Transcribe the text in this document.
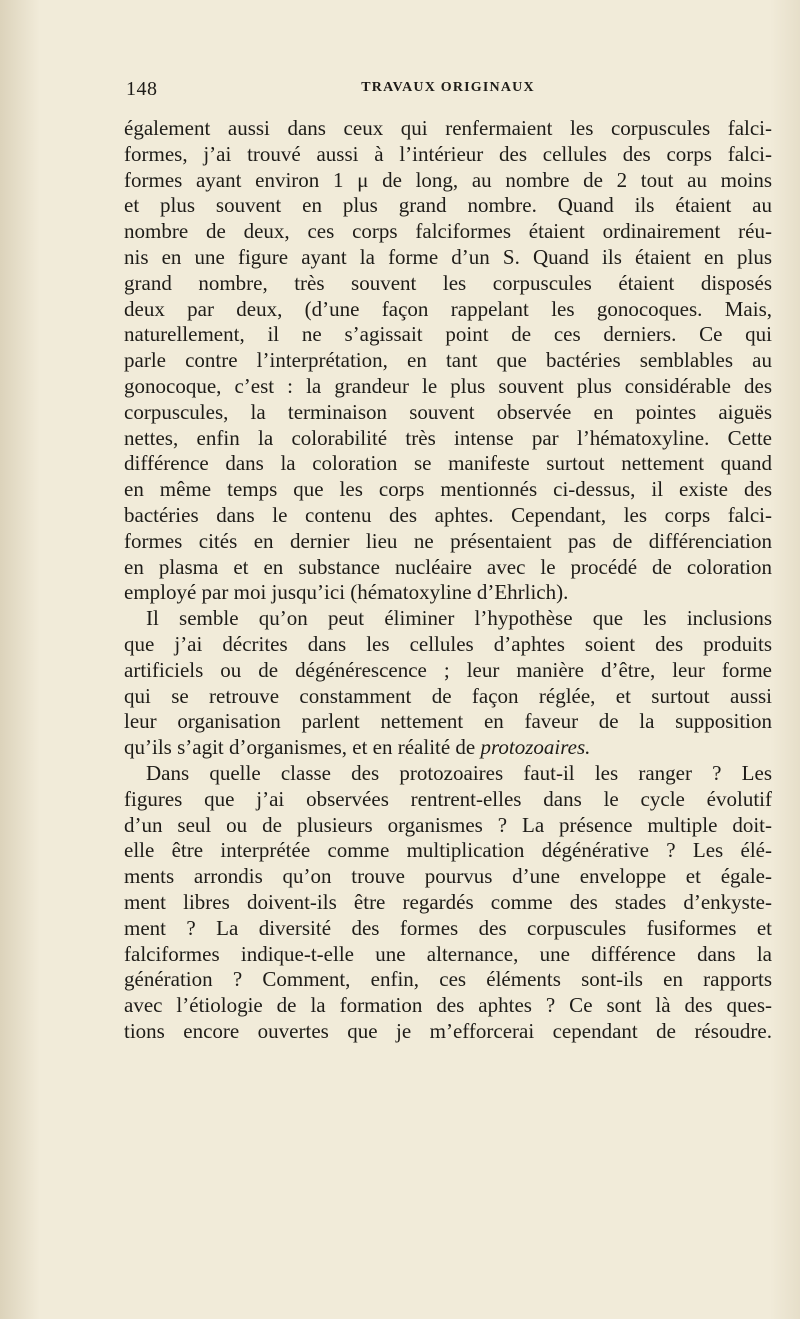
148	TRAVAUX ORIGINAUX
également aussi dans ceux qui renfermaient les corpuscules falci-
formes, j’ai trouvé aussi à l’intérieur des cellules des corps falci-
formes ayant environ 1 μ de long, au nombre de 2 tout au moins
et plus souvent en plus grand nombre. Quand ils étaient au
nombre de deux, ces corps falciformes étaient ordinairement réu-
nis en une figure ayant la forme d’un S. Quand ils étaient en plus
grand nombre, très souvent les corpuscules étaient disposés
deux par deux, (d’une façon rappelant les gonocoques. Mais,
naturellement, il ne s’agissait point de ces derniers. Ce qui
parle contre l’interprétation, en tant que bactéries semblables au
gonocoque, c’est : la grandeur le plus souvent plus considérable des
corpuscules, la terminaison souvent observée en pointes aiguës
nettes, enfin la colorabilité très intense par l’hématoxyline. Cette
différence dans la coloration se manifeste surtout nettement quand
en même temps que les corps mentionnés ci-dessus, il existe des
bactéries dans le contenu des aphtes. Cependant, les corps falci-
formes cités en dernier lieu ne présentaient pas de différenciation
en plasma et en substance nucléaire avec le procédé de coloration
employé par moi jusqu’ici (hématoxyline d’Ehrlich).
Il semble qu’on peut éliminer l’hypothèse que les inclusions
que j’ai décrites dans les cellules d’aphtes soient des produits
artificiels ou de dégénérescence ; leur manière d’être, leur forme
qui se retrouve constamment de façon réglée, et surtout aussi
leur organisation parlent nettement en faveur de la supposition
qu’ils s’agit d’organismes, et en réalité de protozoaires.
Dans quelle classe des protozoaires faut-il les ranger ? Les
figures que j’ai observées rentrent-elles dans le cycle évolutif
d’un seul ou de plusieurs organismes ? La présence multiple doit-
elle être interprétée comme multiplication dégénérative ? Les élé-
ments arrondis qu’on trouve pourvus d’une enveloppe et égale-
ment libres doivent-ils être regardés comme des stades d’enkyste-
ment ? La diversité des formes des corpuscules fusiformes et
falciformes indique-t-elle une alternance, une différence dans la
génération ? Comment, enfin, ces éléments sont-ils en rapports
avec l’étiologie de la formation des aphtes ? Ce sont là des ques-
tions encore ouvertes que je m’efforcerai cependant de résoudre.
